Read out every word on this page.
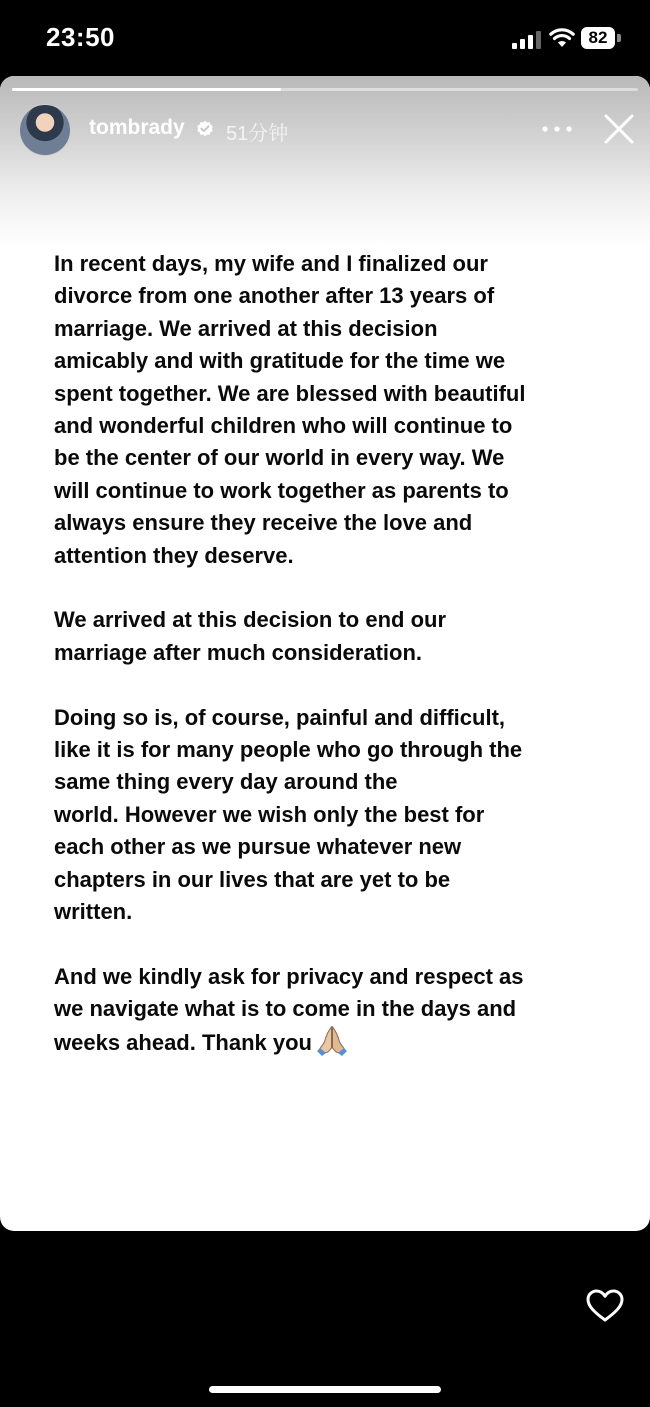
23:50	82
tombrady 51分钟

In recent days, my wife and I finalized our
divorce from one another after 13 years of
marriage. We arrived at this decision
amicably and with gratitude for the time we
spent together. We are blessed with beautiful
and wonderful children who will continue to
be the center of our world in every way. We
will continue to work together as parents to
always ensure they receive the love and
attention they deserve.

We arrived at this decision to end our
marriage after much consideration.

Doing so is, of course, painful and difficult,
like it is for many people who go through the
same thing every day around the
world. However we wish only the best for
each other as we pursue whatever new
chapters in our lives that are yet to be
written.

And we kindly ask for privacy and respect as
we navigate what is to come in the days and
weeks ahead. Thank you
